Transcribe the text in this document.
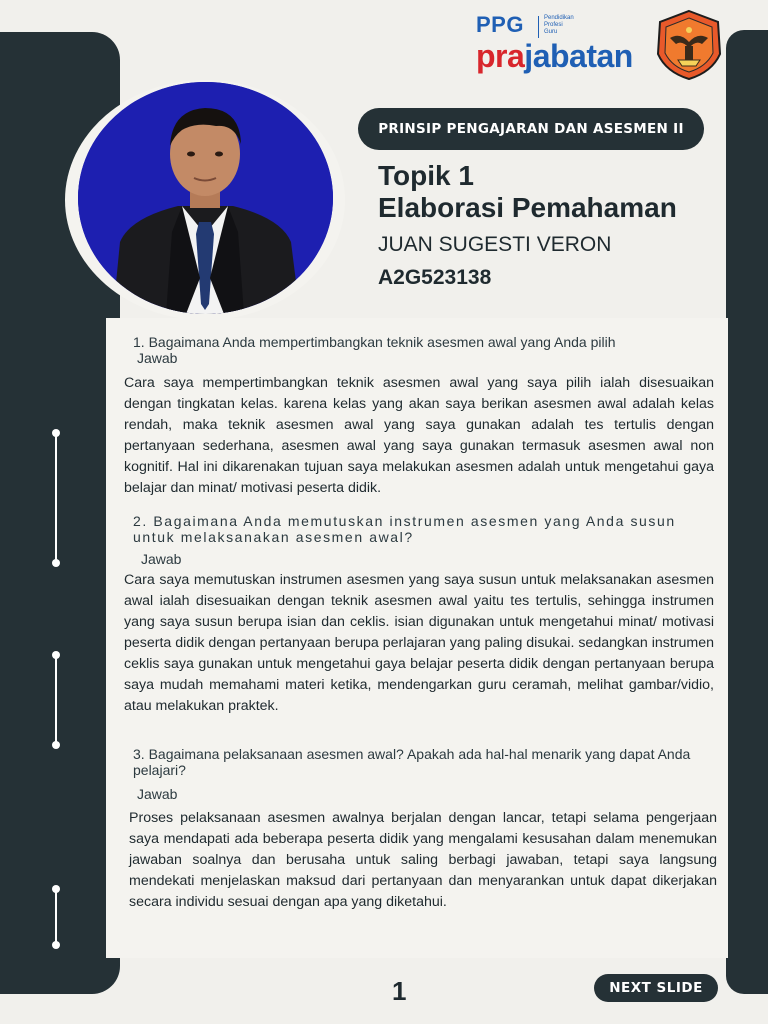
PPG	Pendidikan
Profesi
Guru
prajabatan
PRINSIP PENGAJARAN DAN ASESMEN II
Topik 1
Elaborasi Pemahaman
JUAN SUGESTI VERON
A2G523138
1. Bagaimana Anda mempertimbangkan teknik asesmen awal yang Anda pilih
Jawab
Cara saya mempertimbangkan teknik asesmen awal yang saya pilih ialah disesuaikan dengan tingkatan kelas. karena kelas yang akan saya berikan asesmen awal adalah kelas rendah, maka teknik asesmen awal yang saya gunakan adalah tes tertulis dengan pertanyaan sederhana, asesmen awal yang saya gunakan termasuk asesmen awal non kognitif. Hal ini dikarenakan tujuan saya melakukan asesmen adalah untuk mengetahui gaya belajar dan minat/ motivasi peserta didik.
2. Bagaimana Anda memutuskan instrumen asesmen yang Anda susun untuk melaksanakan asesmen awal?
Jawab
Cara saya memutuskan instrumen asesmen yang saya susun untuk melaksanakan asesmen awal ialah disesuaikan dengan teknik asesmen awal yaitu tes tertulis, sehingga instrumen yang saya susun berupa isian dan ceklis. isian digunakan untuk mengetahui minat/ motivasi peserta didik dengan pertanyaan berupa perlajaran yang paling disukai. sedangkan instrumen ceklis saya gunakan untuk mengetahui gaya belajar peserta didik dengan pertanyaan berupa saya mudah memahami materi ketika, mendengarkan guru ceramah, melihat gambar/vidio, atau melakukan praktek.
3. Bagaimana pelaksanaan asesmen awal? Apakah ada hal-hal menarik yang dapat Anda pelajari?
Jawab
Proses pelaksanaan asesmen awalnya berjalan dengan lancar, tetapi selama pengerjaan saya mendapati ada beberapa peserta didik yang mengalami kesusahan dalam menemukan jawaban soalnya dan berusaha untuk saling berbagi jawaban, tetapi saya langsung mendekati menjelaskan maksud dari pertanyaan dan menyarankan untuk dapat dikerjakan secara individu sesuai dengan apa yang diketahui.
1	NEXT SLIDE
